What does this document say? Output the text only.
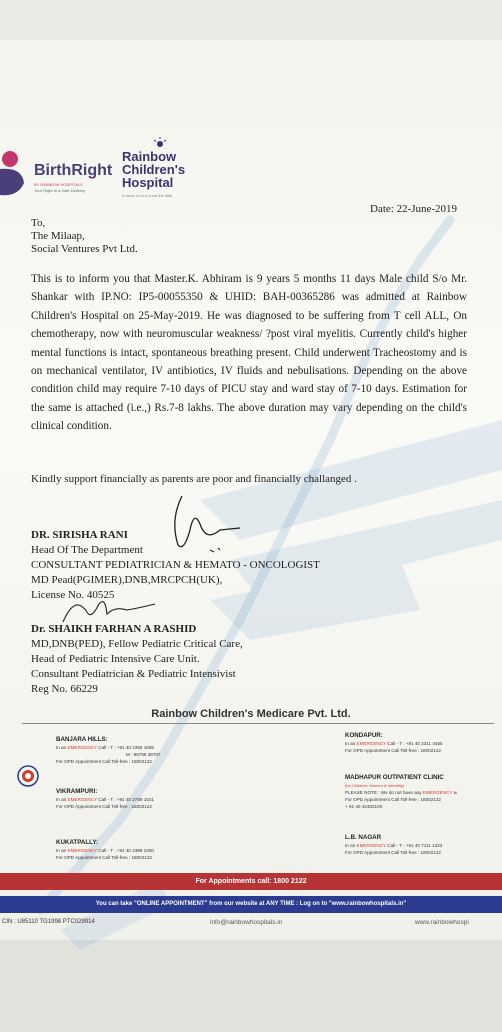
BirthRight
BY RAINBOW HOSPITALS
Your Right to a Safe Delivery
Rainbow
Children's
Hospital
It takes a lot to treat the little.
Date: 22-June-2019
To,
The Milaap,
Social Ventures Pvt Ltd.

This is to inform you that Master.K. Abhiram is 9 years 5 months 11 days Male child S/o Mr. Shankar with IP.NO: IP5-00055350 & UHID: BAH-00365286 was admitted at Rainbow Children's Hospital on 25-May-2019. He was diagnosed to be suffering from T cell ALL, On chemotherapy, now with neuromuscular weakness/ ?post viral myelitis. Currently child's higher mental functions is intact, spontaneous breathing present. Child underwent Tracheostomy and is on mechanical ventilator, IV antibiotics, IV fluids and nebulisations. Depending on the above condition child may require 7-10 days of PICU stay and ward stay of 7-10 days. Estimation for the same is attached (i.e.,) Rs.7-8 lakhs. The above duration may vary depending on the child's clinical condition.

Kindly support financially as parents are poor and financially challanged .
DR. SIRISHA RANI
Head Of The Department
CONSULTANT PEDIATRICIAN & HEMATO - ONCOLOGIST
MD Pead(PGIMER),DNB,MRCPCH(UK),
License No. 40525
Dr. SHAIKH FARHAN A RASHID
MD,DNB(PED), Fellow Pediatric Critical Care,
Head of Pediatric Intensive Care Unit.
Consultant Pediatrician & Pediatric Intensivist
Reg No. 66229
Rainbow Children's Medicare Pvt. Ltd.
BANJARA HILLS:
In an EMERGENCY Call - T : +91 40 2355 1555
M : 96768 38787
For OPD Appointment Call Toll-free : 18002122
VIKRAMPURI:
In an EMERGENCY Call - T : +91 40 2789 1531
For OPD Appointment Call Toll-free : 18002122
KUKATPALLY:
In an EMERGENCY Call - T : +91 40 2389 2300
For OPD Appointment Call Toll-free : 18002122
KONDAPUR:
In an EMERGENCY Call - T : +91 40 2311 4455
For OPD Appointment Call Toll-free : 18002122
MADHAPUR OUTPATIENT CLINIC
(for Children, Women & Infertility)
PLEASE NOTE : We do not have any EMERGENCY w
For OPD Appointment Call Toll-free : 18002122
+ 91 40 42482100
L.B. NAGAR
In an EMERGENCY Call - T : +91 40 7111 1333
For OPD Appointment Call Toll-free : 18002122
For Appointments call: 1800 2122
You can take "ONLINE APPOINTMENT" from our website at ANY TIME : Log on to "www.rainbowhospitals.in"
CIN : U85110 TG1998 PTC029914	info@rainbowhospitals.in	www.rainbowhospi
